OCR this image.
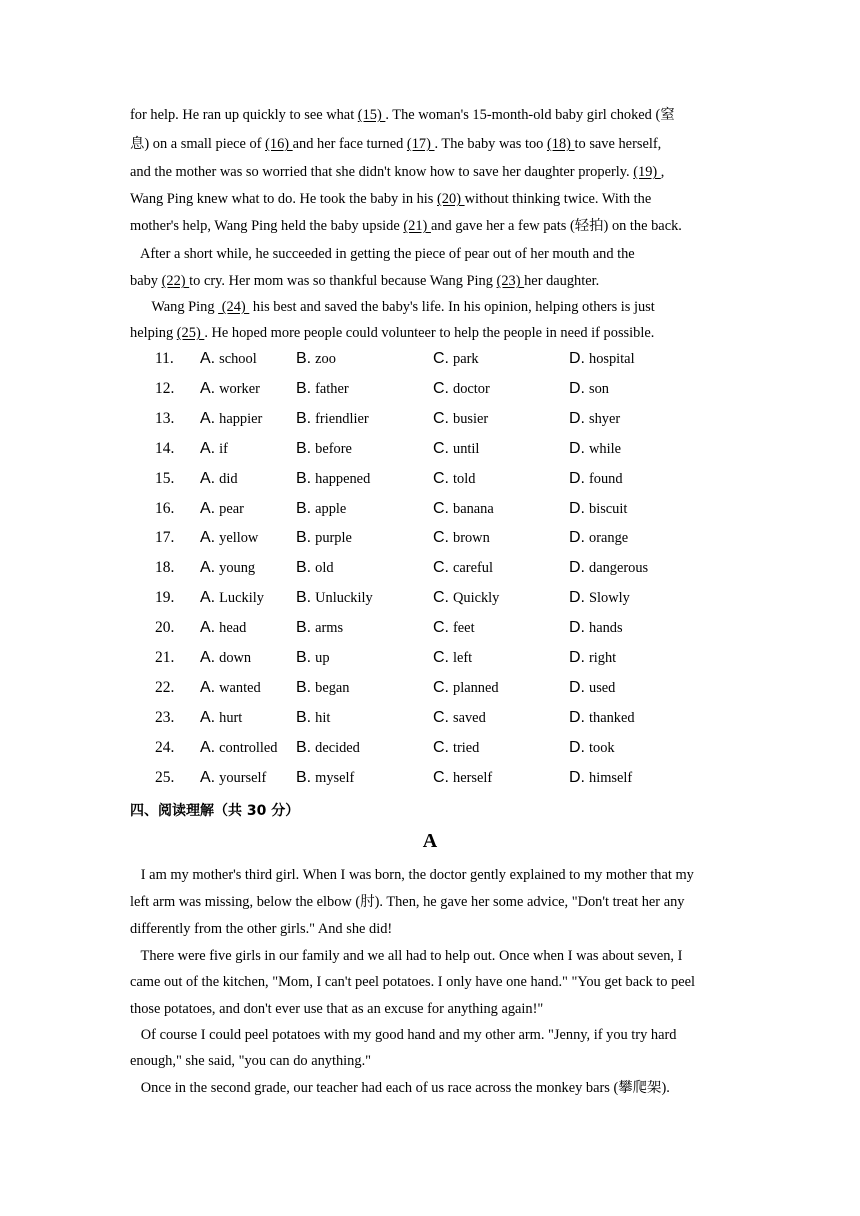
for help. He ran up quickly to see what (15) . The woman's 15-month-old baby girl choked (窒
息) on a small piece of (16) and her face turned (17) . The baby was too (18) to save herself,
and the mother was so worried that she didn't know how to save her daughter properly. (19) ,
Wang Ping knew what to do. He took the baby in his (20) without thinking twice. With the
mother's help, Wang Ping held the baby upside (21) and gave her a few pats (轻拍) on the back.
After a short while, he succeeded in getting the piece of pear out of her mouth and the
baby (22) to cry. Her mom was so thankful because Wang Ping (23) her daughter.
Wang Ping  (24)  his best and saved the baby's life. In his opinion, helping others is just
helping (25) . He hoped more people could volunteer to help the people in need if possible.
11. A. school B. zoo	C. park	D. hospital
12. A. worker B. father	C. doctor	D. son
13. A. happier B. friendlier	C. busier	D. shyer
14. A. if	B. before	C. until	D. while
15. A. did	B. happened	C. told	D. found
16. A. pear	B. apple	C. banana	D. biscuit
17. A. yellow B. purple	C. brown	D. orange
18. A. young	B. old	C. careful	D. dangerous
19. A. Luckily B. Unluckily	C. Quickly	D. Slowly
20. A. head	B. arms	C. feet	D. hands
21. A. down	B. up	C. left	D. right
22. A. wanted B. began	C. planned	D. used
23. A. hurt	B. hit	C. saved	D. thanked
24. A. controlled B. decided	C. tried	D. took
25. A. yourself B. myself	C. herself	D. himself
四、阅读理解（共 30 分）
A
I am my mother's third girl. When I was born, the doctor gently explained to my mother that my
left arm was missing, below the elbow (肘). Then, he gave her some advice, "Don't treat her any
differently from the other girls." And she did!
There were five girls in our family and we all had to help out. Once when I was about seven, I
came out of the kitchen, "Mom, I can't peel potatoes. I only have one hand." "You get back to peel
those potatoes, and don't ever use that as an excuse for anything again!"
Of course I could peel potatoes with my good hand and my other arm. "Jenny, if you try hard
enough," she said, "you can do anything."
Once in the second grade, our teacher had each of us race across the monkey bars (攀爬架).
